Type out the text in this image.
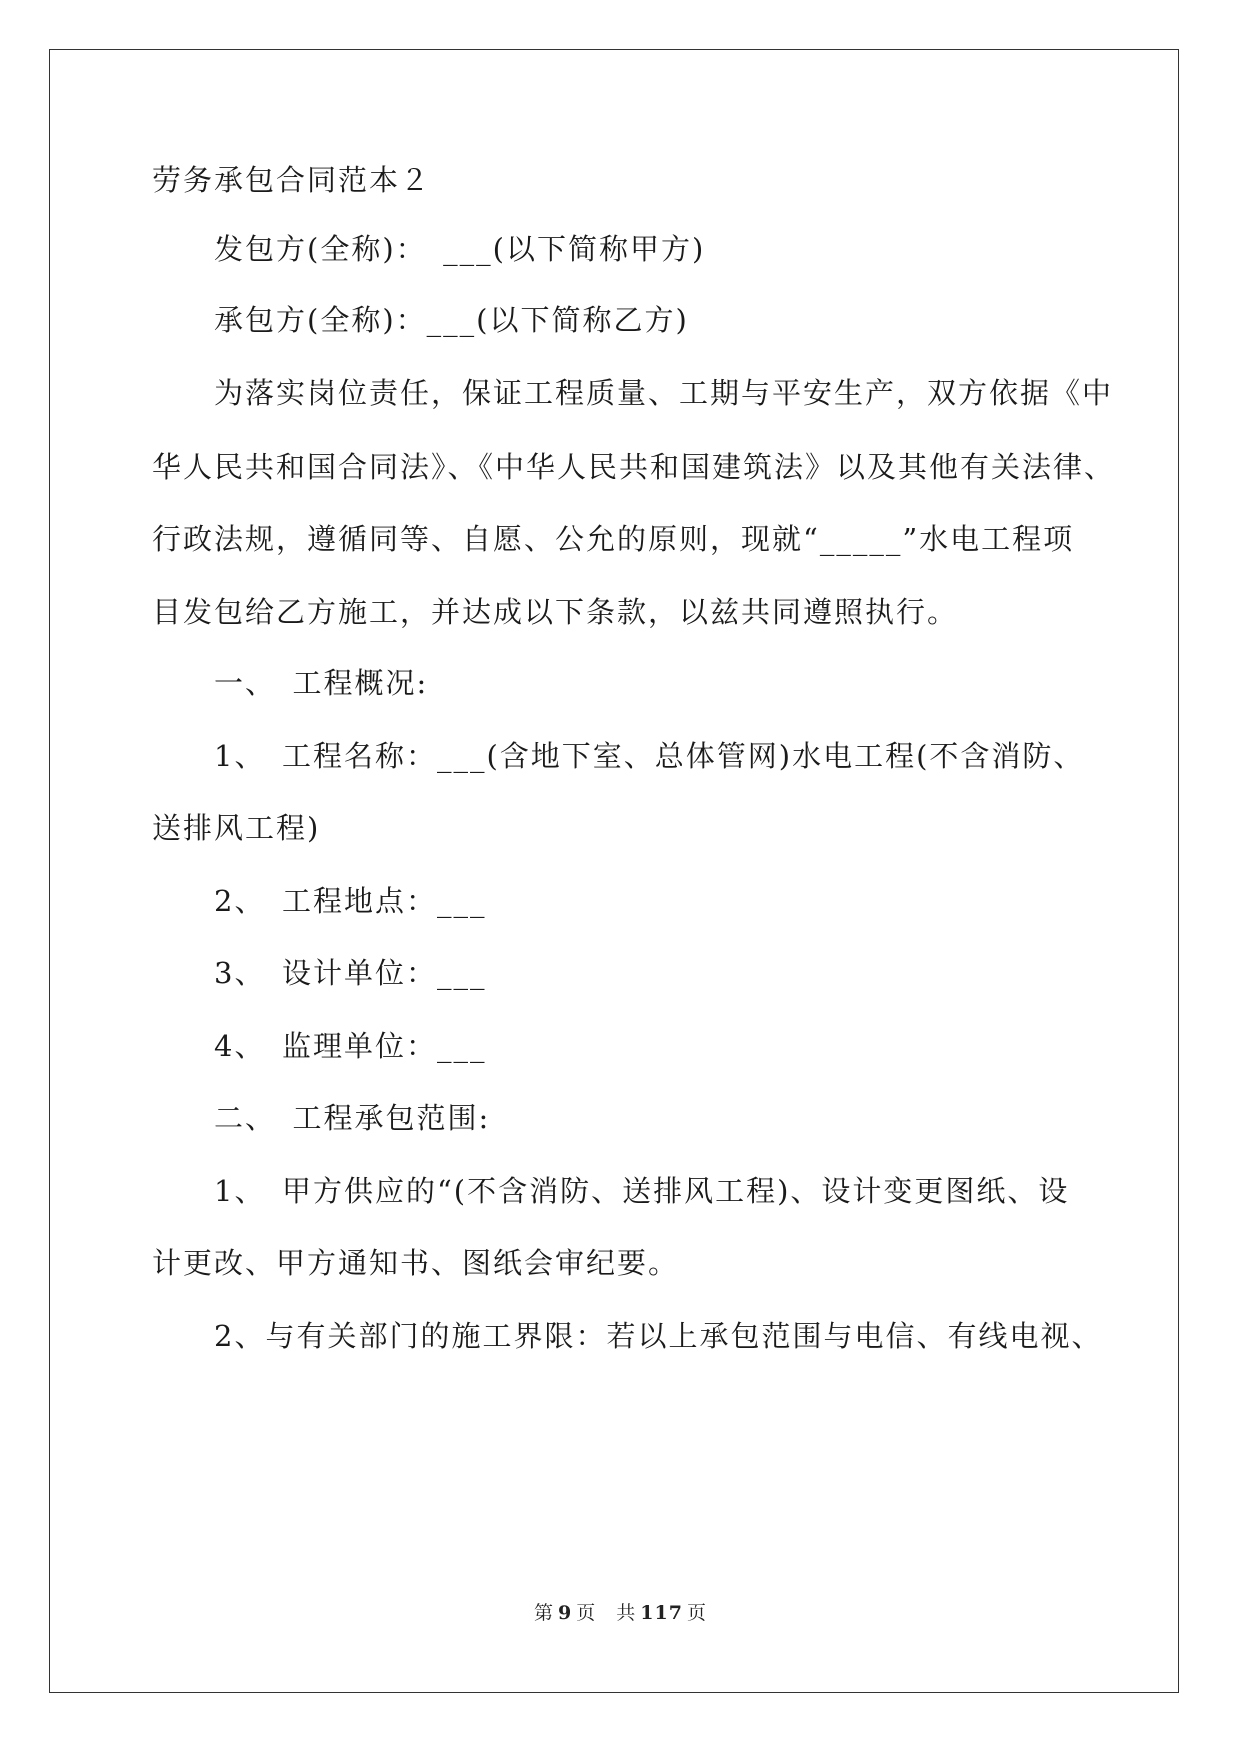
劳务承包合同范本２
发包方(全称)：　___(以下简称甲方)
承包方(全称)：___(以下简称乙方)
为落实岗位责任，保证工程质量、工期与平安生产，双方依据《中
华人民共和国合同法》、《中华人民共和国建筑法》以及其他有关法律、
行政法规，遵循同等、自愿、公允的原则，现就“_____”水电工程项
目发包给乙方施工，并达成以下条款，以兹共同遵照执行。
一、　工程概况:
1、　工程名称：___(含地下室、总体管网)水电工程(不含消防、
送排风工程)
2、　工程地点：___
3、　设计单位：___
4、　监理单位：___
二、　工程承包范围:
1、　甲方供应的“(不含消防、送排风工程)、设计变更图纸、设
计更改、甲方通知书、图纸会审纪要。
2、与有关部门的施工界限：若以上承包范围与电信、有线电视、
第 9 页　共 117 页
